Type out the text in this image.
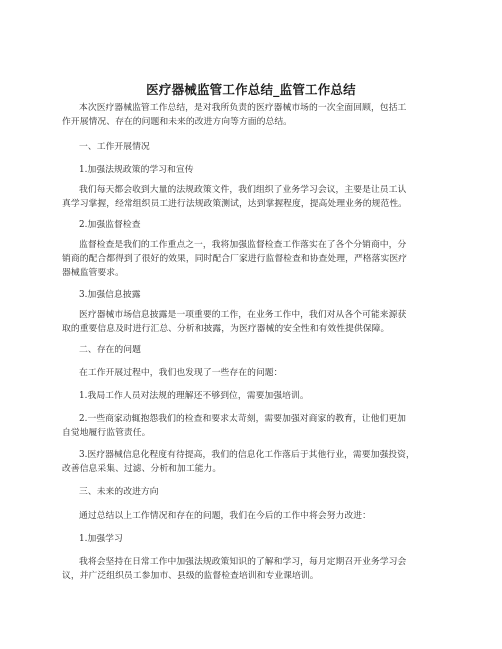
医疗器械监管工作总结_监管工作总结
本次医疗器械监管工作总结，是对我所负责的医疗器械市场的一次全面回顾，包括工
作开展情况、存在的问题和未来的改进方向等方面的总结。
一、工作开展情况
1.加强法规政策的学习和宣传
我们每天都会收到大量的法规政策文件，我们组织了业务学习会议，主要是让员工认
真学习掌握，经常组织员工进行法规政策测试，达到掌握程度，提高处理业务的规范性。
2.加强监督检查
监督检查是我们的工作重点之一，我将加强监督检查工作落实在了各个分销商中，分
销商的配合都得到了很好的效果，同时配合厂家进行监督检查和协查处理，严格落实医疗
器械监管要求。
3.加强信息披露
医疗器械市场信息披露是一项重要的工作，在业务工作中，我们对从各个可能来源获
取的重要信息及时进行汇总、分析和披露，为医疗器械的安全性和有效性提供保障。
二、存在的问题
在工作开展过程中，我们也发现了一些存在的问题：
1.我局工作人员对法规的理解还不够到位，需要加强培训。
2.一些商家动辄抱怨我们的检查和要求太苛刻，需要加强对商家的教育，让他们更加
自觉地履行监管责任。
3.医疗器械信息化程度有待提高，我们的信息化工作落后于其他行业，需要加强投资，
改善信息采集、过滤、分析和加工能力。
三、未来的改进方向
通过总结以上工作情况和存在的问题，我们在今后的工作中将会努力改进：
1.加强学习
我将会坚持在日常工作中加强法规政策知识的了解和学习，每月定期召开业务学习会
议，并广泛组织员工参加市、县级的监督检查培训和专业课培训。
